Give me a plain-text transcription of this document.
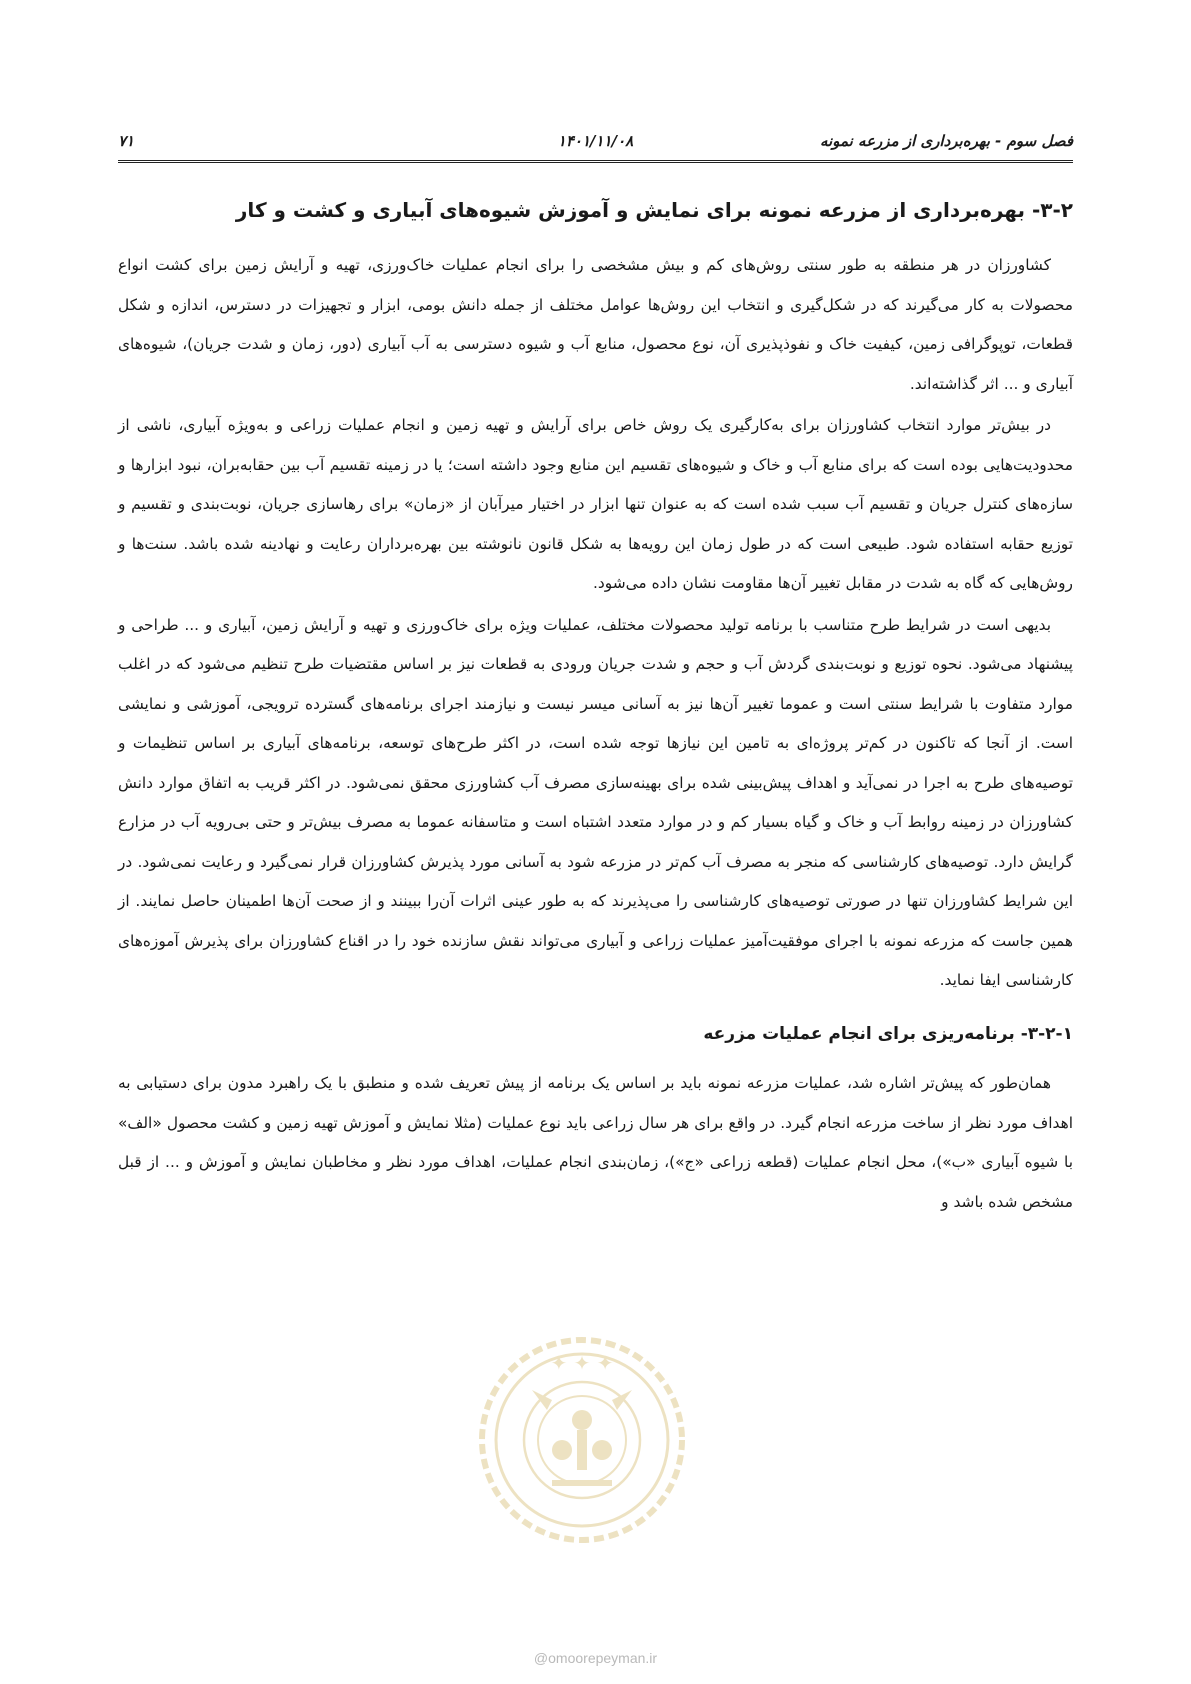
فصل سوم - بهره‌برداری از مزرعه نمونه
۱۴۰۱/۱۱/۰۸
۷۱
۳-۲- بهره‌برداری از مزرعه نمونه برای نمایش و آموزش شیوه‌های آبیاری و کشت و کار

کشاورزان در هر منطقه به طور سنتی روش‌های کم و بیش مشخصی را برای انجام عملیات خاک‌ورزی، تهیه و آرایش زمین برای کشت انواع محصولات به کار می‌گیرند که در شکل‌گیری و انتخاب این روش‌ها عوامل مختلف از جمله دانش بومی، ابزار و تجهیزات در دسترس، اندازه و شکل قطعات، توپوگرافی زمین، کیفیت خاک و نفوذپذیری آن، نوع محصول، منابع آب و شیوه دسترسی به آب آبیاری (دور، زمان و شدت جریان)، شیوه‌های آبیاری و ... اثر گذاشته‌اند.

در بیش‌تر موارد انتخاب کشاورزان برای به‌کارگیری یک روش خاص برای آرایش و تهیه زمین و انجام عملیات زراعی و به‌ویژه آبیاری، ناشی از محدودیت‌هایی بوده است که برای منابع آب و خاک و شیوه‌های تقسیم این منابع وجود داشته است؛ یا در زمینه تقسیم آب بین حقابه‌بران، نبود ابزارها و سازه‌های کنترل جریان و تقسیم آب سبب شده است که به عنوان تنها ابزار در اختیار میرآبان از «زمان» برای رهاسازی جریان، نوبت‌بندی و تقسیم و توزیع حقابه استفاده شود. طبیعی است که در طول زمان این رویه‌ها به شکل قانون نانوشته بین بهره‌برداران رعایت و نهادینه شده باشد. سنت‌ها و روش‌هایی که گاه به شدت در مقابل تغییر آن‌ها مقاومت نشان داده می‌شود.

بدیهی است در شرایط طرح متناسب با برنامه تولید محصولات مختلف، عملیات ویژه برای خاک‌ورزی و تهیه و آرایش زمین، آبیاری و ... طراحی و پیشنهاد می‌شود. نحوه توزیع و نوبت‌بندی گردش آب و حجم و شدت جریان ورودی به قطعات نیز بر اساس مقتضیات طرح تنظیم می‌شود که در اغلب موارد متفاوت با شرایط سنتی است و عموما تغییر آن‌ها نیز به آسانی میسر نیست و نیازمند اجرای برنامه‌های گسترده ترویجی، آموزشی و نمایشی است. از آنجا که تاکنون در کم‌تر پروژه‌ای به تامین این نیازها توجه شده است، در اکثر طرح‌های توسعه، برنامه‌های آبیاری بر اساس تنظیمات و توصیه‌های طرح به اجرا در نمی‌آید و اهداف پیش‌بینی شده برای بهینه‌سازی مصرف آب کشاورزی محقق نمی‌شود. در اکثر قریب به اتفاق موارد دانش کشاورزان در زمینه روابط آب و خاک و گیاه بسیار کم و در موارد متعدد اشتباه است و متاسفانه عموما به مصرف بیش‌تر و حتی بی‌رویه آب در مزارع گرایش دارد. توصیه‌های کارشناسی که منجر به مصرف آب کم‌تر در مزرعه شود به آسانی مورد پذیرش کشاورزان قرار نمی‌گیرد و رعایت نمی‌شود. در این شرایط کشاورزان تنها در صورتی توصیه‌های کارشناسی را می‌پذیرند که به طور عینی اثرات آن‌را ببینند و از صحت آن‌ها اطمینان حاصل نمایند. از همین جاست که مزرعه نمونه با اجرای موفقیت‌آمیز عملیات زراعی و آبیاری می‌تواند نقش سازنده خود را در اقناع کشاورزان برای پذیرش آموزه‌های کارشناسی ایفا نماید.

۳-۲-۱- برنامه‌ریزی برای انجام عملیات مزرعه

همان‌طور که پیش‌تر اشاره شد، عملیات مزرعه نمونه باید بر اساس یک برنامه از پیش تعریف شده و منطبق با یک راهبرد مدون برای دستیابی به اهداف مورد نظر از ساخت مزرعه انجام گیرد. در واقع برای هر سال زراعی باید نوع عملیات (مثلا نمایش و آموزش تهیه زمین و کشت محصول «الف» با شیوه آبیاری «ب»)، محل انجام عملیات (قطعه زراعی «ج»)، زمان‌بندی انجام عملیات، اهداف مورد نظر و مخاطبان نمایش و آموزش و ... از قبل مشخص شده باشد و

✦ ✦ ✦
@omoorepeyman.ir
